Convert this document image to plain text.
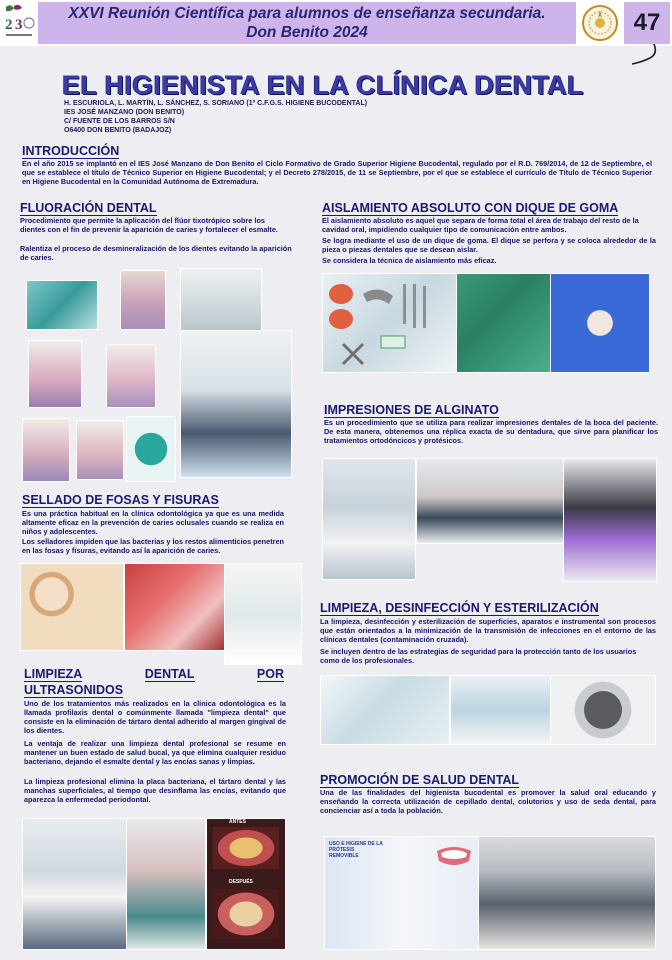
XXVI Reunión Científica para alumnos de enseñanza secundaria.
Don Benito 2024
2 3	47
EL HIGIENISTA EN LA CLÍNICA DENTAL
H. ESCURIOLA, L. MARTÍN, L. SÁNCHEZ, S. SORIANO (1º C.F.G.S. HIGIENE BUCODENTAL)
IES JOSÉ MANZANO (DON BENITO)
C/ FUENTE DE LOS BARROS S/N
O6400 DON BENITO (BADAJOZ)
INTRODUCCIÓN
En el año 2015 se implantó en el IES José Manzano de Don Benito el Ciclo Formativo de Grado Superior Higiene Bucodental, regulado por el R.D. 769/2014, de 12 de Septiembre, el que se establece el título de Técnico Superior en Higiene Bucodental; y el Decreto 278/2015, de 11 se Septiembre, por el que se establece el currículo de Título de Técnico Superior en Higiene Bucodental en la Comunidad Autónoma de Extremadura.
FLUORACIÓN DENTAL
Procedimiento que permite la aplicación del flúor tixotrópico sobre los dientes con el fin de prevenir la aparición de caries y fortalecer el esmalte.
Ralentiza el proceso de desmineralización de los dientes evitando la aparición de caries.
SELLADO DE FOSAS Y FISURAS
Es una práctica habitual en la clínica odontológica ya que es una medida altamente eficaz en la prevención de caries oclusales cuando se realiza en niños y adolescentes.
Los selladores impiden que las bacterias y los restos alimenticios penetren en las fosas y fisuras, evitando así la aparición de caries.
LIMPIEZA	DENTAL	POR
ULTRASONIDOS
Uno de los tratamientos más realizados en la clínica odontológica es la llamada profilaxis dental o comúnmente llamada "limpieza dental" que consiste en la eliminación de tártaro dental adherido al margen gingival de los dientes.
La ventaja de realizar una limpieza dental profesional se resume en mantener un buen estado de salud bucal, ya que elimina cualquier residuo bacteriano, dejando el esmalte dental y las encías sanas y limpias.
La limpieza profesional elimina la placa bacteriana, el tártaro dental y las manchas superficiales, al tiempo que desinflama las encías, evitando que aparezca la enfermedad periodontal.
ANTES
DESPUÉS
AISLAMIENTO ABSOLUTO CON DIQUE DE GOMA
El aislamiento absoluto es aquel que separa de forma total el área de trabajo del resto de la cavidad oral, impidiendo cualquier tipo de comunicación entre ambos.
Se logra mediante el uso de un dique de goma. El dique se perfora y se coloca alrededor de la pieza o piezas dentales que se desean aislar.
Se considera la técnica de aislamiento más eficaz.
IMPRESIONES DE ALGINATO
Es un procedimiento que se utiliza para realizar impresiones dentales de la boca del paciente. De esta manera, obtenemos una réplica exacta de su dentadura, que sirve para planificar los tratamientos ortodóncicos y protésicos.
LIMPIEZA, DESINFECCIÓN Y ESTERILIZACIÓN
La limpieza, desinfección y esterilización de superficies, aparatos e instrumental son procesos que están orientados a la minimización de la transmisión de infecciones en el entorno de las clínicas dentales (contaminación cruzada).
Se incluyen dentro de las estrategias de seguridad para la protección tanto de los usuarios como de los profesionales.
PROMOCIÓN DE SALUD DENTAL
Una de las finalidades del higienista bucodental es promover la salud oral educando y enseñando la correcta utilización de cepillado dental, colutorios y uso de seda dental, para concienciar así a toda la población.
USO E HIGIENE DE LA PRÓTESIS REMOVIBLE
